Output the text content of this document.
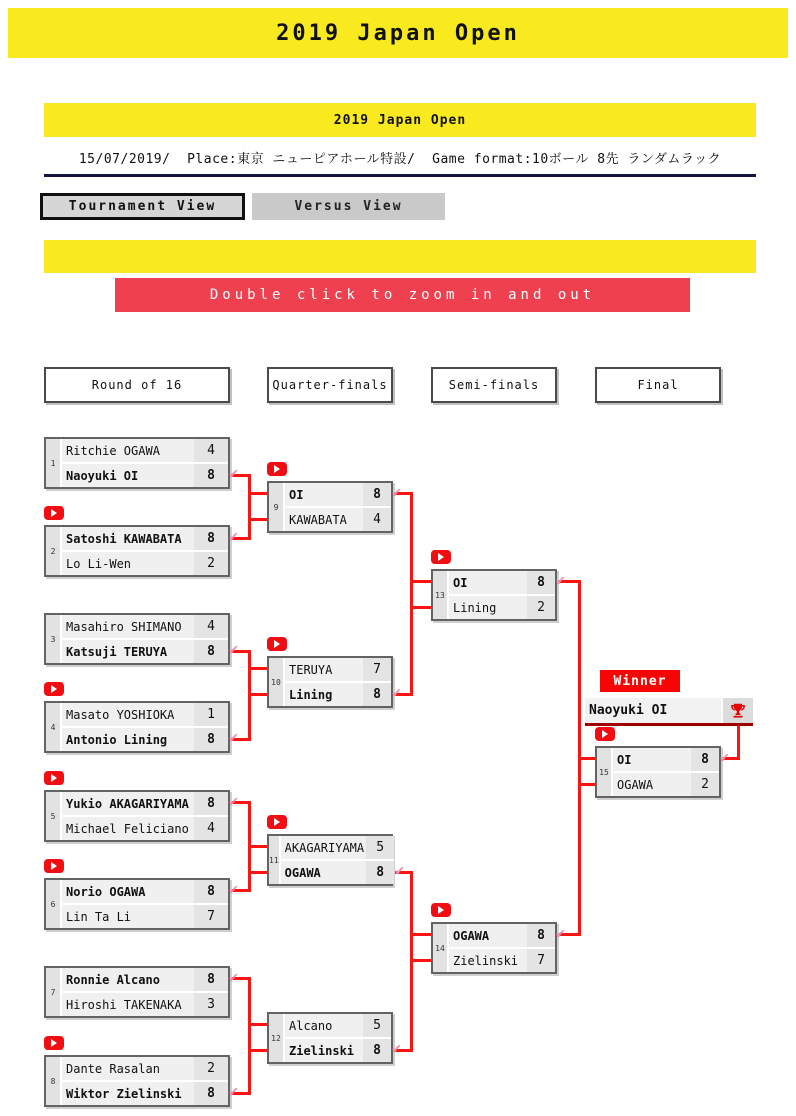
2019 Japan Open
2019 Japan Open
15/07/2019/  Place:東京 ニューピアホール特設/  Game format:10ボール 8先 ランダムラック
Tournament View	Versus View
Double click to zoom in and out
Round of 16	Quarter-finals	Semi-finals	Final
1
Ritchie OGAWA	4
Naoyuki OI	8 ✔
2
Satoshi KAWABATA	8 ✔
Lo Li-Wen	2
3
Masahiro SHIMANO	4
Katsuji TERUYA	8 ✔
4
Masato YOSHIOKA	1
Antonio Lining	8 ✔
5
Yukio AKAGARIYAMA 8 ✔
Michael Feliciano	4
6
Norio OGAWA	8 ✔
Lin Ta Li	7
7
Ronnie Alcano	8 ✔
Hiroshi TAKENAKA	3
8
Dante Rasalan	2
Wiktor Zielinski	8 ✔
9
OI	8 ✔
KAWABATA	4
10
TERUYA	7
Lining	8 ✔
11
AKAGARIYAMA 5
OGAWA	8 ✔
12
Alcano	5
Zielinski	8 ✔
13
OI	8 ✔
Lining	2
14
OGAWA	8 ✔
Zielinski	7
15
OI	8 ✔
OGAWA	2
Winner
Naoyuki OI
